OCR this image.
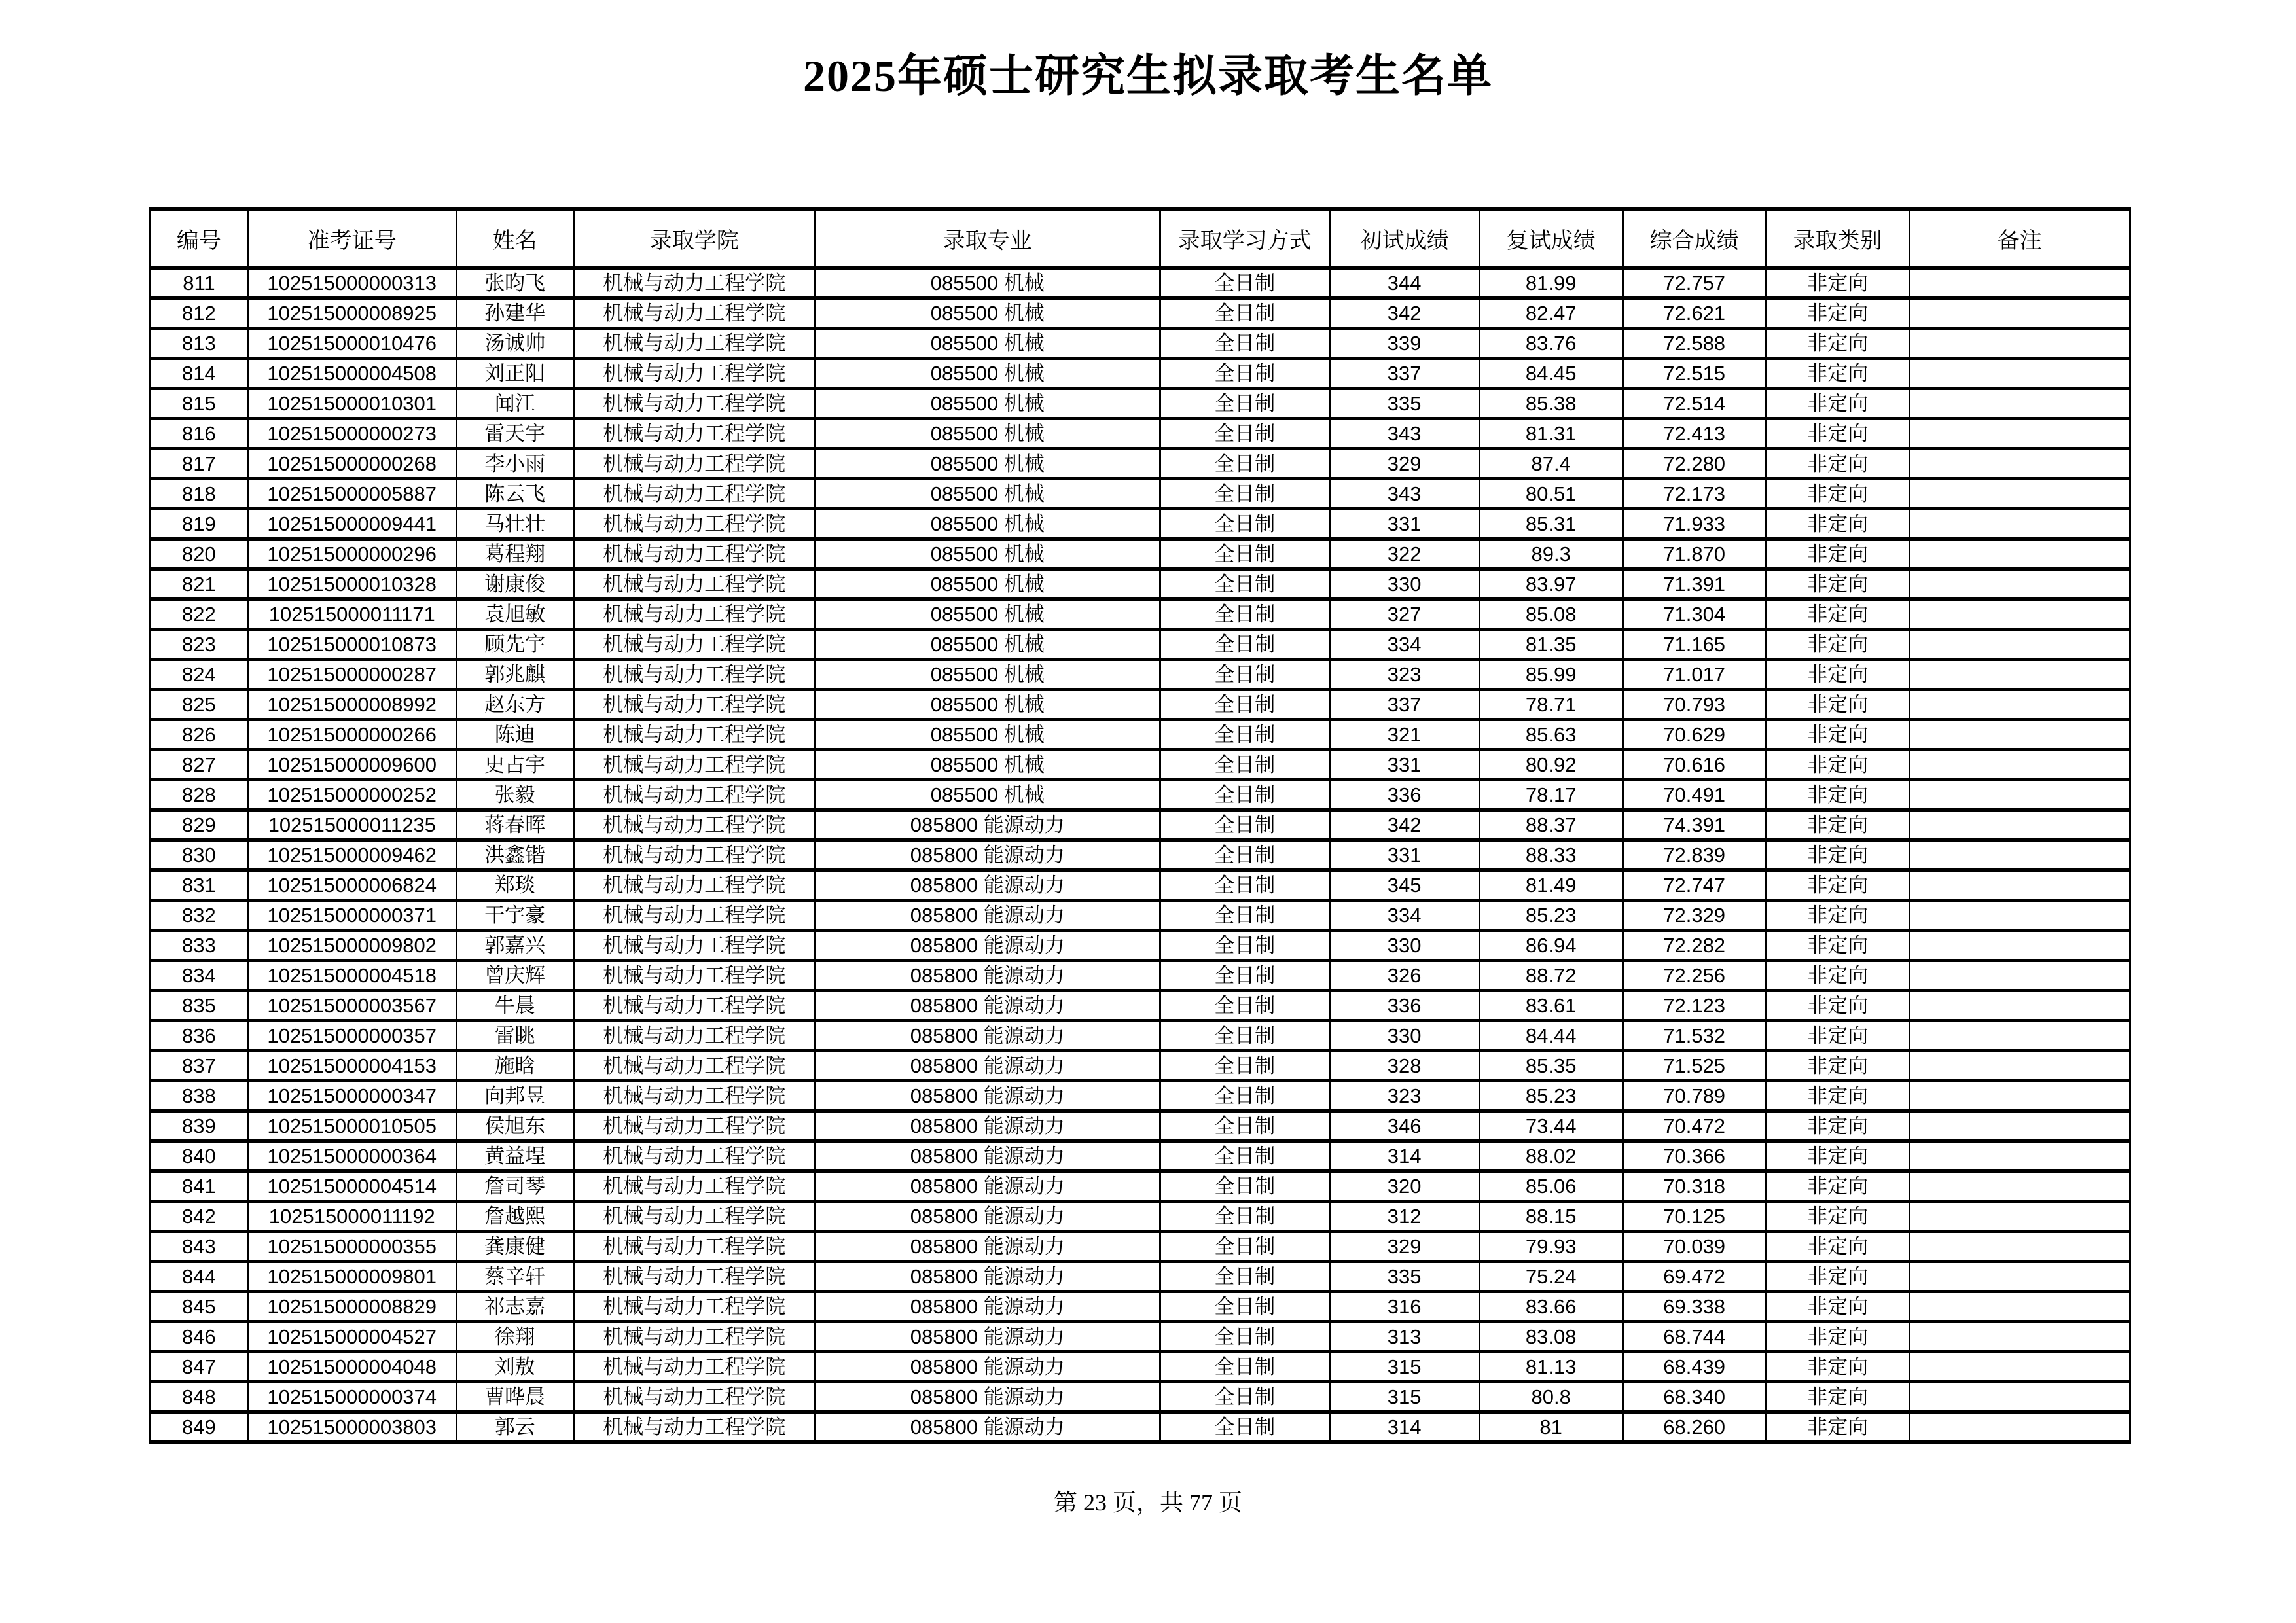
2025年硕士研究生拟录取考生名单
编号	准考证号	姓名	录取学院	录取专业	录取学习方式	初试成绩	复试成绩	综合成绩	录取类别	备注
811	102515000000313	张昀飞	机械与动力工程学院	085500 机械	全日制	344	81.99	72.757	非定向	
812	102515000008925	孙建华	机械与动力工程学院	085500 机械	全日制	342	82.47	72.621	非定向	
813	102515000010476	汤诚帅	机械与动力工程学院	085500 机械	全日制	339	83.76	72.588	非定向	
814	102515000004508	刘正阳	机械与动力工程学院	085500 机械	全日制	337	84.45	72.515	非定向	
815	102515000010301	闻江	机械与动力工程学院	085500 机械	全日制	335	85.38	72.514	非定向	
816	102515000000273	雷天宇	机械与动力工程学院	085500 机械	全日制	343	81.31	72.413	非定向	
817	102515000000268	李小雨	机械与动力工程学院	085500 机械	全日制	329	87.4	72.280	非定向	
818	102515000005887	陈云飞	机械与动力工程学院	085500 机械	全日制	343	80.51	72.173	非定向	
819	102515000009441	马壮壮	机械与动力工程学院	085500 机械	全日制	331	85.31	71.933	非定向	
820	102515000000296	葛程翔	机械与动力工程学院	085500 机械	全日制	322	89.3	71.870	非定向	
821	102515000010328	谢康俊	机械与动力工程学院	085500 机械	全日制	330	83.97	71.391	非定向	
822	102515000011171	袁旭敏	机械与动力工程学院	085500 机械	全日制	327	85.08	71.304	非定向	
823	102515000010873	顾先宇	机械与动力工程学院	085500 机械	全日制	334	81.35	71.165	非定向	
824	102515000000287	郭兆麒	机械与动力工程学院	085500 机械	全日制	323	85.99	71.017	非定向	
825	102515000008992	赵东方	机械与动力工程学院	085500 机械	全日制	337	78.71	70.793	非定向	
826	102515000000266	陈迪	机械与动力工程学院	085500 机械	全日制	321	85.63	70.629	非定向	
827	102515000009600	史占宇	机械与动力工程学院	085500 机械	全日制	331	80.92	70.616	非定向	
828	102515000000252	张毅	机械与动力工程学院	085500 机械	全日制	336	78.17	70.491	非定向	
829	102515000011235	蒋春晖	机械与动力工程学院	085800 能源动力	全日制	342	88.37	74.391	非定向	
830	102515000009462	洪鑫锴	机械与动力工程学院	085800 能源动力	全日制	331	88.33	72.839	非定向	
831	102515000006824	郑琰	机械与动力工程学院	085800 能源动力	全日制	345	81.49	72.747	非定向	
832	102515000000371	干宇豪	机械与动力工程学院	085800 能源动力	全日制	334	85.23	72.329	非定向	
833	102515000009802	郭嘉兴	机械与动力工程学院	085800 能源动力	全日制	330	86.94	72.282	非定向	
834	102515000004518	曾庆辉	机械与动力工程学院	085800 能源动力	全日制	326	88.72	72.256	非定向	
835	102515000003567	牛晨	机械与动力工程学院	085800 能源动力	全日制	336	83.61	72.123	非定向	
836	102515000000357	雷眺	机械与动力工程学院	085800 能源动力	全日制	330	84.44	71.532	非定向	
837	102515000004153	施晗	机械与动力工程学院	085800 能源动力	全日制	328	85.35	71.525	非定向	
838	102515000000347	向邦昱	机械与动力工程学院	085800 能源动力	全日制	323	85.23	70.789	非定向	
839	102515000010505	侯旭东	机械与动力工程学院	085800 能源动力	全日制	346	73.44	70.472	非定向	
840	102515000000364	黄益埕	机械与动力工程学院	085800 能源动力	全日制	314	88.02	70.366	非定向	
841	102515000004514	詹司琴	机械与动力工程学院	085800 能源动力	全日制	320	85.06	70.318	非定向	
842	102515000011192	詹越熙	机械与动力工程学院	085800 能源动力	全日制	312	88.15	70.125	非定向	
843	102515000000355	龚康健	机械与动力工程学院	085800 能源动力	全日制	329	79.93	70.039	非定向	
844	102515000009801	蔡辛轩	机械与动力工程学院	085800 能源动力	全日制	335	75.24	69.472	非定向	
845	102515000008829	祁志嘉	机械与动力工程学院	085800 能源动力	全日制	316	83.66	69.338	非定向	
846	102515000004527	徐翔	机械与动力工程学院	085800 能源动力	全日制	313	83.08	68.744	非定向	
847	102515000004048	刘敖	机械与动力工程学院	085800 能源动力	全日制	315	81.13	68.439	非定向	
848	102515000000374	曹晔晨	机械与动力工程学院	085800 能源动力	全日制	315	80.8	68.340	非定向	
849	102515000003803	郭云	机械与动力工程学院	085800 能源动力	全日制	314	81	68.260	非定向	
第 23 页，共 77 页
